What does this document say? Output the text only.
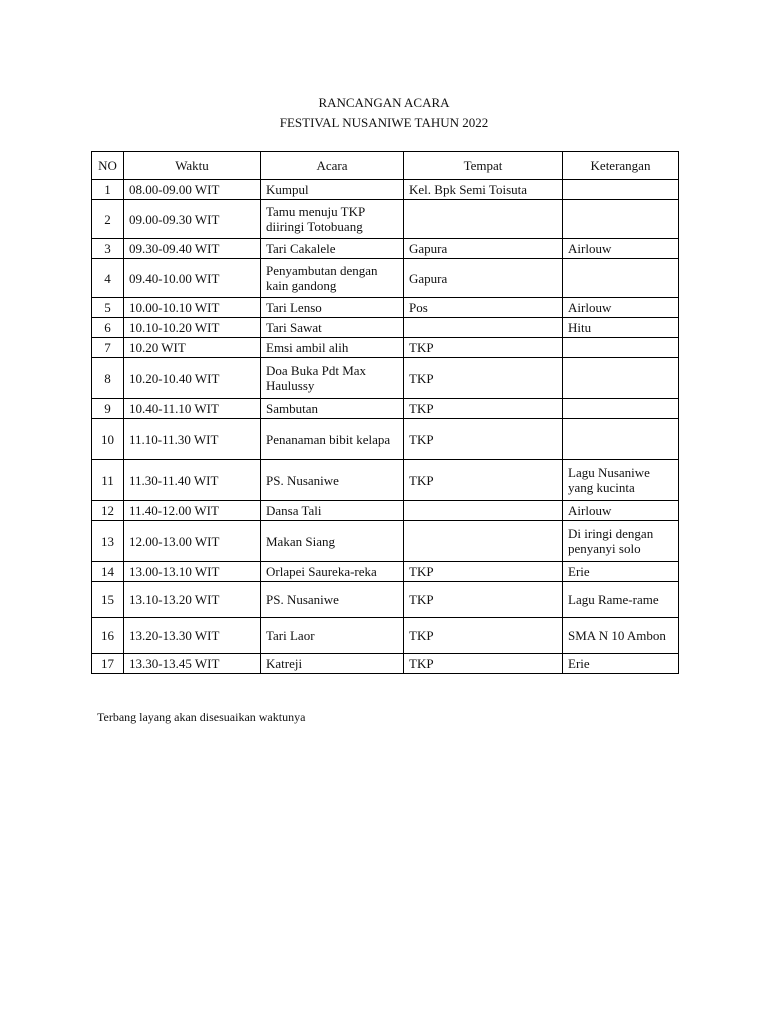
RANCANGAN ACARA
FESTIVAL NUSANIWE TAHUN 2022
NO	Waktu	Acara	Tempat	Keterangan
1	08.00-09.00 WIT	Kumpul	Kel. Bpk Semi Toisuta	
2	09.00-09.30 WIT	Tamu menuju TKP diiringi Totobuang		
3	09.30-09.40 WIT	Tari Cakalele	Gapura	Airlouw
4	09.40-10.00 WIT	Penyambutan dengan kain gandong	Gapura	
5	10.00-10.10 WIT	Tari Lenso	Pos	Airlouw
6	10.10-10.20 WIT	Tari Sawat		Hitu
7	10.20 WIT	Emsi ambil alih	TKP	
8	10.20-10.40 WIT	Doa Buka Pdt Max Haulussy	TKP	
9	10.40-11.10 WIT	Sambutan	TKP	
10	11.10-11.30 WIT	Penanaman bibit kelapa	TKP	
11	11.30-11.40 WIT	PS. Nusaniwe	TKP	Lagu Nusaniwe yang kucinta
12	11.40-12.00 WIT	Dansa Tali		Airlouw
13	12.00-13.00 WIT	Makan Siang		Di iringi dengan penyanyi solo
14	13.00-13.10 WIT	Orlapei Saureka-reka	TKP	Erie
15	13.10-13.20 WIT	PS. Nusaniwe	TKP	Lagu Rame-rame
16	13.20-13.30 WIT	Tari Laor	TKP	SMA N 10 Ambon
17	13.30-13.45 WIT	Katreji	TKP	Erie
Terbang layang akan disesuaikan waktunya
